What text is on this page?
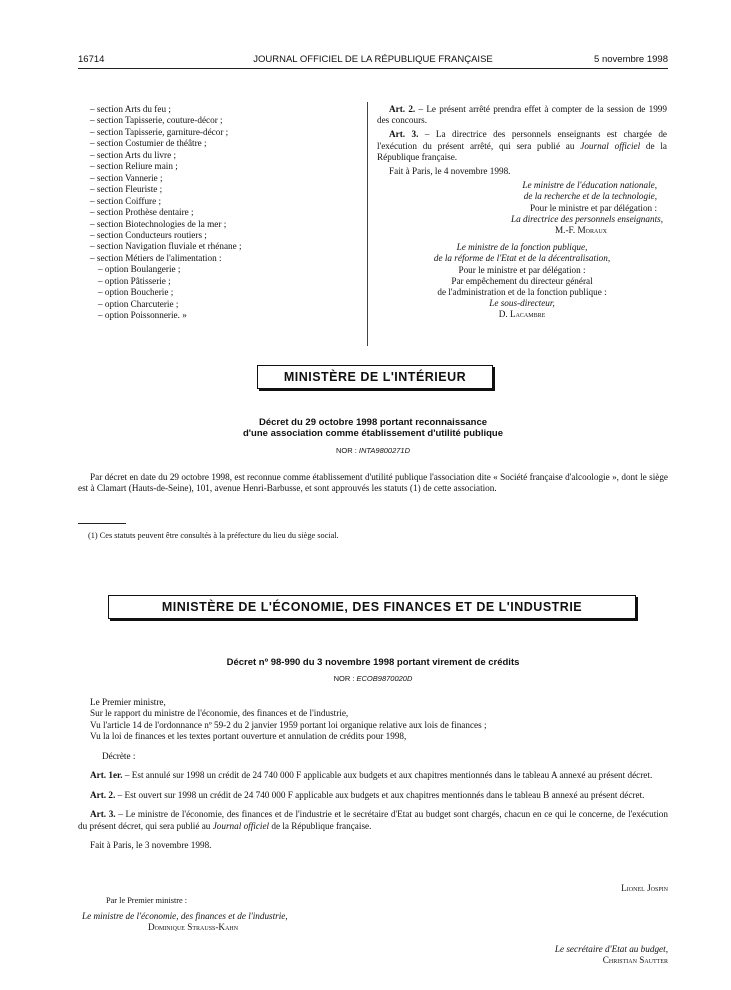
16714	JOURNAL OFFICIEL DE LA RÉPUBLIQUE FRANÇAISE	5 novembre 1998
– section Arts du feu ;
– section Tapisserie, couture-décor ;
– section Tapisserie, garniture-décor ;
– section Costumier de théâtre ;
– section Arts du livre ;
– section Reliure main ;
– section Vannerie ;
– section Fleuriste ;
– section Coiffure ;
– section Prothèse dentaire ;
– section Biotechnologies de la mer ;
– section Conducteurs routiers ;
– section Navigation fluviale et rhénane ;
– section Métiers de l'alimentation :
– option Boulangerie ;
– option Pâtisserie ;
– option Boucherie ;
– option Charcuterie ;
– option Poissonnerie. »

Art. 2. – Le présent arrêté prendra effet à compter de la session de 1999 des concours.

Art. 3. – La directrice des personnels enseignants est chargée de l'exécution du présent arrêté, qui sera publié au Journal officiel de la République française.

Fait à Paris, le 4 novembre 1998.

Le ministre de l'éducation nationale,
de la recherche et de la technologie,
Pour le ministre et par délégation :
La directrice des personnels enseignants,
M.-F. Moraux
Le ministre de la fonction publique,
de la réforme de l'Etat et de la décentralisation,
Pour le ministre et par délégation :
Par empêchement du directeur général
de l'administration et de la fonction publique :
Le sous-directeur,
D. Lacambre
MINISTÈRE DE L'INTÉRIEUR
Décret du 29 octobre 1998 portant reconnaissance
d'une association comme établissement d'utilité publique
NOR : INTA9800271D

Par décret en date du 29 octobre 1998, est reconnue comme établissement d'utilité publique l'association dite « Société française d'alcoologie », dont le siège est à Clamart (Hauts-de-Seine), 101, avenue Henri-Barbusse, et sont approuvés les statuts (1) de cette association.

(1) Ces statuts peuvent être consultés à la préfecture du lieu du siège social.
MINISTÈRE DE L'ÉCONOMIE, DES FINANCES ET DE L'INDUSTRIE
Décret nº 98-990 du 3 novembre 1998 portant virement de crédits
NOR : ECOB9870020D

Le Premier ministre,

Sur le rapport du ministre de l'économie, des finances et de l'industrie,

Vu l'article 14 de l'ordonnance nº 59-2 du 2 janvier 1959 portant loi organique relative aux lois de finances ;

Vu la loi de finances et les textes portant ouverture et annulation de crédits pour 1998,

Décrète :

Art. 1er. – Est annulé sur 1998 un crédit de 24 740 000 F applicable aux budgets et aux chapitres mentionnés dans le tableau A annexé au présent décret.

Art. 2. – Est ouvert sur 1998 un crédit de 24 740 000 F applicable aux budgets et aux chapitres mentionnés dans le tableau B annexé au présent décret.

Art. 3. – Le ministre de l'économie, des finances et de l'industrie et le secrétaire d'Etat au budget sont chargés, chacun en ce qui le concerne, de l'exécution du présent décret, qui sera publié au Journal officiel de la République française.

Fait à Paris, le 3 novembre 1998.

Lionel Jospin
Par le Premier ministre :
Le ministre de l'économie, des finances et de l'industrie,
Dominique Strauss-Kahn
Le secrétaire d'Etat au budget,
Christian Sautter
